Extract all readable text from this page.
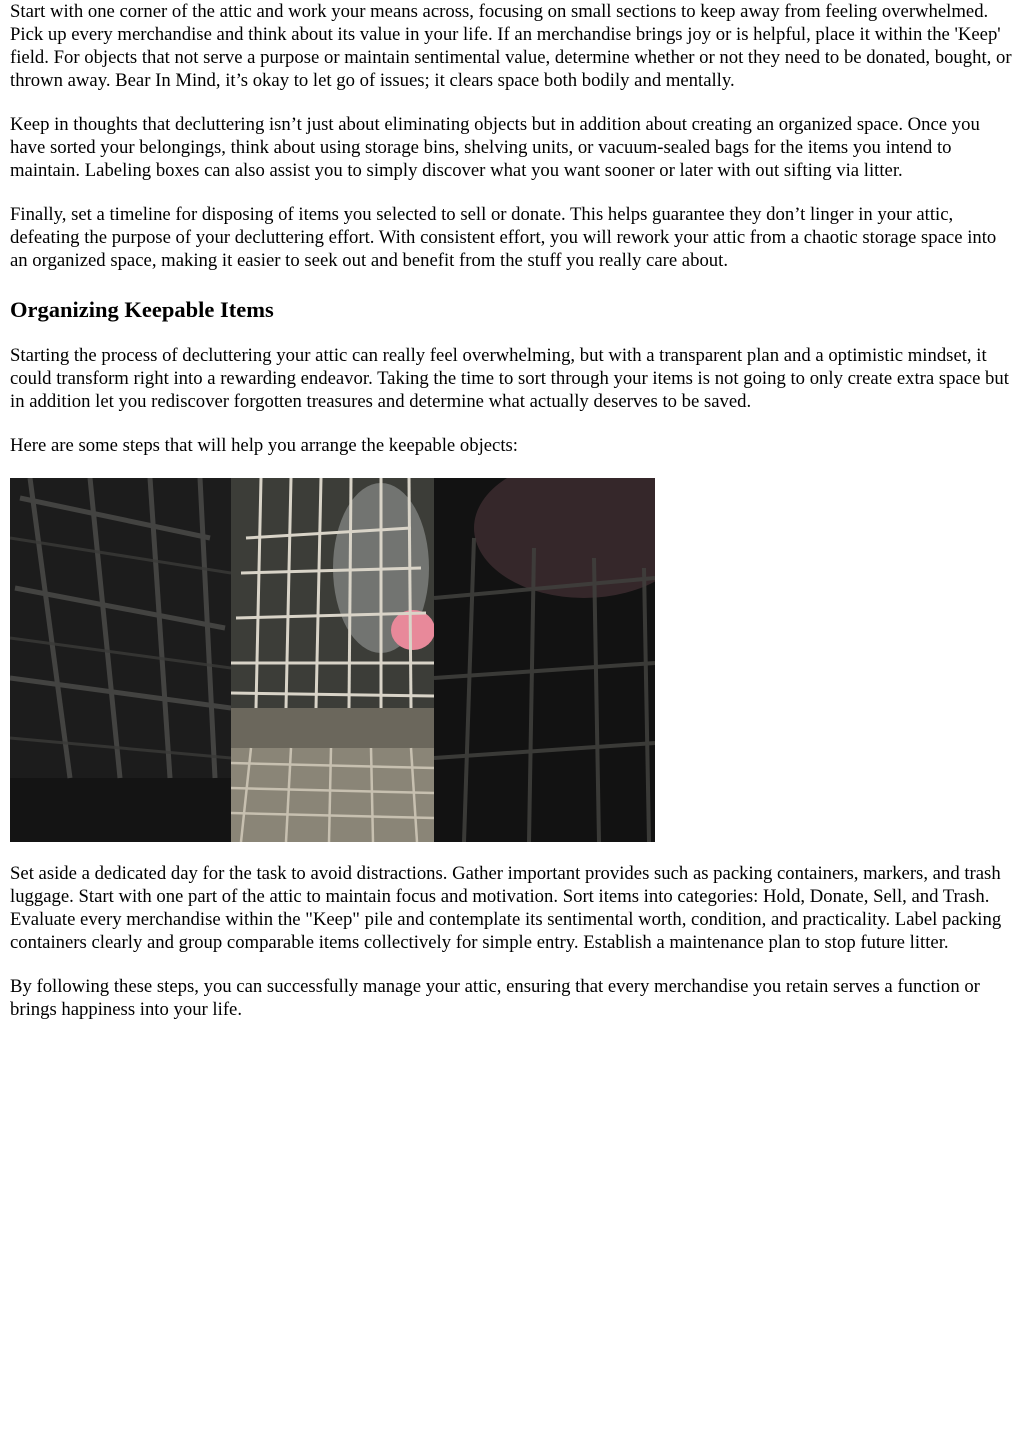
Start with one corner of the attic and work your means across, focusing on small sections to keep away from feeling overwhelmed. Pick up every merchandise and think about its value in your life. If an merchandise brings joy or is helpful, place it within the 'Keep' field. For objects that not serve a purpose or maintain sentimental value, determine whether or not they need to be donated, bought, or thrown away. Bear In Mind, it’s okay to let go of issues; it clears space both bodily and mentally.

Keep in thoughts that decluttering isn’t just about eliminating objects but in addition about creating an organized space. Once you have sorted your belongings, think about using storage bins, shelving units, or vacuum-sealed bags for the items you intend to maintain. Labeling boxes can also assist you to simply discover what you want sooner or later with out sifting via litter.

Finally, set a timeline for disposing of items you selected to sell or donate. This helps guarantee they don’t linger in your attic, defeating the purpose of your decluttering effort. With consistent effort, you will rework your attic from a chaotic storage space into an organized space, making it easier to seek out and benefit from the stuff you really care about.

Organizing Keepable Items

Starting the process of decluttering your attic can really feel overwhelming, but with a transparent plan and a optimistic mindset, it could transform right into a rewarding endeavor. Taking the time to sort through your items is not going to only create extra space but in addition let you rediscover forgotten treasures and determine what actually deserves to be saved.

Here are some steps that will help you arrange the keepable objects:

Set aside a dedicated day for the task to avoid distractions. Gather important provides such as packing containers, markers, and trash luggage. Start with one part of the attic to maintain focus and motivation. Sort items into categories: Hold, Donate, Sell, and Trash. Evaluate every merchandise within the "Keep" pile and contemplate its sentimental worth, condition, and practicality. Label packing containers clearly and group comparable items collectively for simple entry. Establish a maintenance plan to stop future litter.

By following these steps, you can successfully manage your attic, ensuring that every merchandise you retain serves a function or brings happiness into your life.
